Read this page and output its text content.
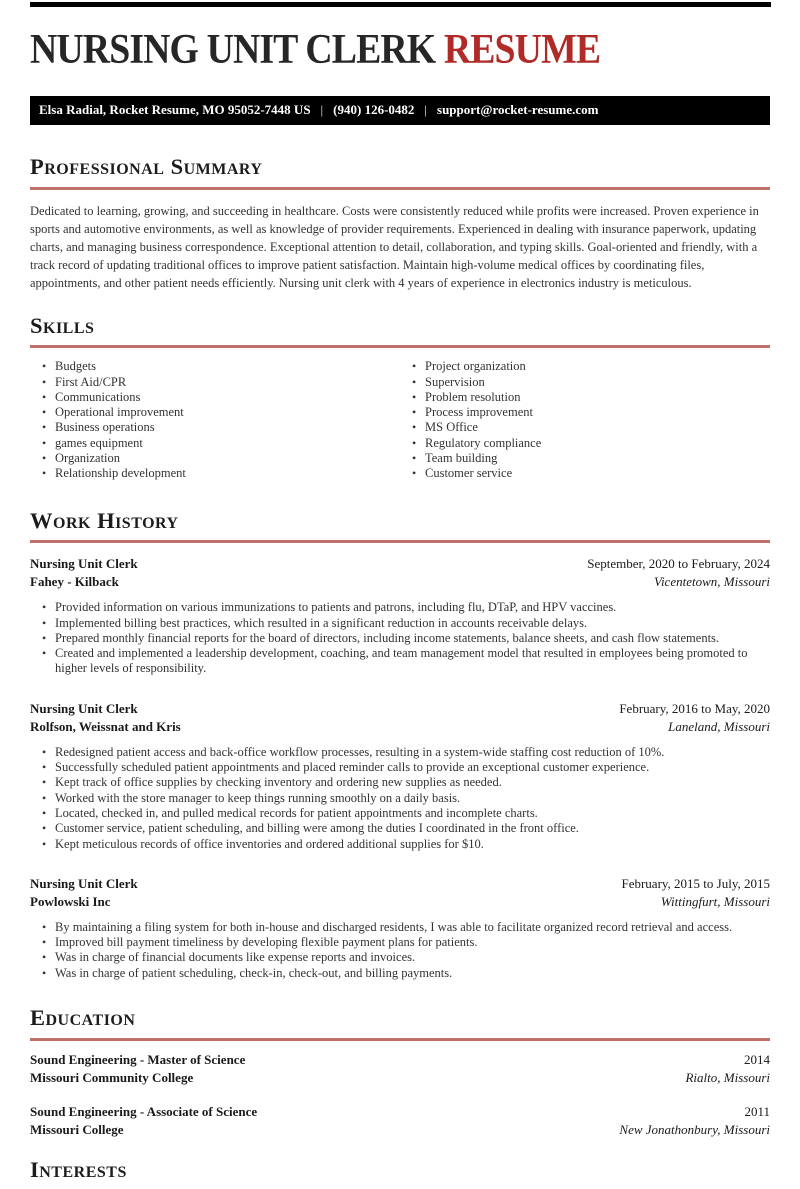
NURSING UNIT CLERK RESUME
Elsa Radial, Rocket Resume, MO 95052-7448 US | (940) 126-0482 | support@rocket-resume.com
Professional Summary

Dedicated to learning, growing, and succeeding in healthcare. Costs were consistently reduced while profits were increased. Proven experience in sports and automotive environments, as well as knowledge of provider requirements. Experienced in dealing with insurance paperwork, updating charts, and managing business correspondence. Exceptional attention to detail, collaboration, and typing skills. Goal-oriented and friendly, with a track record of updating traditional offices to improve patient satisfaction. Maintain high-volume medical offices by coordinating files, appointments, and other patient needs efficiently. Nursing unit clerk with 4 years of experience in electronics industry is meticulous.

Skills
• Budgets
• First Aid/CPR
• Communications
• Operational improvement
• Business operations
• games equipment
• Organization
• Relationship development
• Project organization
• Supervision
• Problem resolution
• Process improvement
• MS Office
• Regulatory compliance
• Team building
• Customer service
Work History
Nursing Unit Clerk	September, 2020 to February, 2024
Fahey - Kilback	Vicentetown, Missouri
• Provided information on various immunizations to patients and patrons, including flu, DTaP, and HPV vaccines.
• Implemented billing best practices, which resulted in a significant reduction in accounts receivable delays.
• Prepared monthly financial reports for the board of directors, including income statements, balance sheets, and cash flow statements.
• Created and implemented a leadership development, coaching, and team management model that resulted in employees being promoted to higher levels of responsibility.
Nursing Unit Clerk	February, 2016 to May, 2020
Rolfson, Weissnat and Kris	Laneland, Missouri
• Redesigned patient access and back-office workflow processes, resulting in a system-wide staffing cost reduction of 10%.
• Successfully scheduled patient appointments and placed reminder calls to provide an exceptional customer experience.
• Kept track of office supplies by checking inventory and ordering new supplies as needed.
• Worked with the store manager to keep things running smoothly on a daily basis.
• Located, checked in, and pulled medical records for patient appointments and incomplete charts.
• Customer service, patient scheduling, and billing were among the duties I coordinated in the front office.
• Kept meticulous records of office inventories and ordered additional supplies for $10.
Nursing Unit Clerk	February, 2015 to July, 2015
Powlowski Inc	Wittingfurt, Missouri
• By maintaining a filing system for both in-house and discharged residents, I was able to facilitate organized record retrieval and access.
• Improved bill payment timeliness by developing flexible payment plans for patients.
• Was in charge of financial documents like expense reports and invoices.
• Was in charge of patient scheduling, check-in, check-out, and billing payments.
Education
Sound Engineering - Master of Science	2014
Missouri Community College	Rialto, Missouri
Sound Engineering - Associate of Science	2011
Missouri College	New Jonathonbury, Missouri
Interests
